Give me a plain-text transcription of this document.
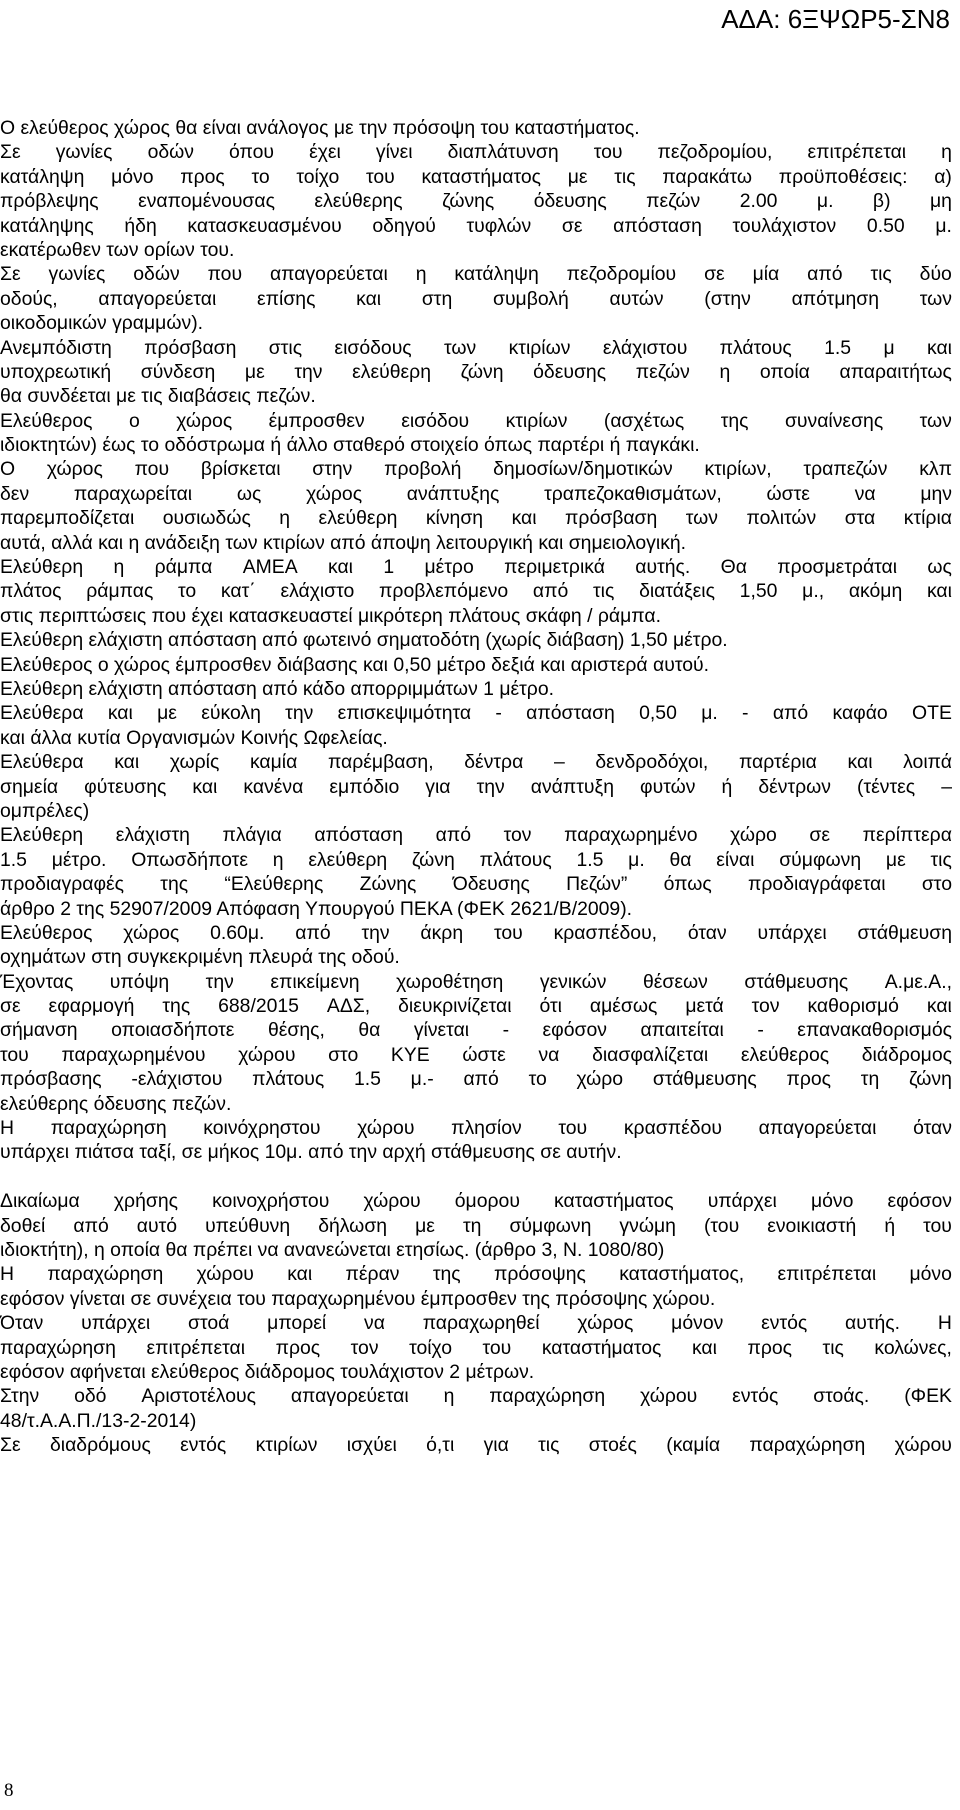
ΑΔΑ: 6ΞΨΩΡ5-ΣΝ8
Ο ελεύθερος χώρος θα είναι ανάλογος με την πρόσοψη του καταστήματος.
Σε γωνίες οδών όπου έχει γίνει διαπλάτυνση του πεζοδρομίου, επιτρέπεται η
κατάληψη μόνο προς το τοίχο του καταστήματος με τις παρακάτω προϋποθέσεις: α)
πρόβλεψης εναπομένουσας ελεύθερης ζώνης όδευσης πεζών 2.00 μ. β) μη
κατάληψης ήδη κατασκευασμένου οδηγού τυφλών σε απόσταση τουλάχιστον 0.50 μ.
εκατέρωθεν των ορίων του.
Σε γωνίες οδών που απαγορεύεται η κατάληψη πεζοδρομίου σε μία από τις δύο
οδούς, απαγορεύεται επίσης και στη συμβολή αυτών (στην απότμηση των
οικοδομικών γραμμών).
Ανεμπόδιστη πρόσβαση στις εισόδους των κτιρίων ελάχιστου πλάτους 1.5 μ και
υποχρεωτική σύνδεση με την ελεύθερη ζώνη όδευσης πεζών η οποία απαραιτήτως
θα συνδέεται με τις διαβάσεις πεζών.
Ελεύθερος ο χώρος έμπροσθεν εισόδου κτιρίων (ασχέτως της συναίνεσης των
ιδιοκτητών) έως το οδόστρωμα ή άλλο σταθερό στοιχείο όπως παρτέρι ή παγκάκι.
Ο χώρος που βρίσκεται στην προβολή δημοσίων/δημοτικών κτιρίων, τραπεζών κλπ
δεν παραχωρείται ως χώρος ανάπτυξης τραπεζοκαθισμάτων, ώστε να μην
παρεμποδίζεται ουσιωδώς η ελεύθερη κίνηση και πρόσβαση των πολιτών στα κτίρια
αυτά, αλλά και η ανάδειξη των κτιρίων από άποψη λειτουργική και σημειολογική.
Ελεύθερη η ράμπα ΑΜΕΑ και 1 μέτρο περιμετρικά αυτής. Θα προσμετράται ως
πλάτος ράμπας το κατ΄ ελάχιστο προβλεπόμενο από τις διατάξεις 1,50 μ., ακόμη και
στις περιπτώσεις που έχει κατασκευαστεί μικρότερη πλάτους σκάφη / ράμπα.
Ελεύθερη ελάχιστη απόσταση από φωτεινό σηματοδότη (χωρίς διάβαση) 1,50 μέτρο.
Ελεύθερος ο χώρος έμπροσθεν διάβασης και 0,50 μέτρο δεξιά και αριστερά αυτού.
Ελεύθερη ελάχιστη απόσταση από κάδο απορριμμάτων 1 μέτρο.
Ελεύθερα και με εύκολη την επισκεψιμότητα - απόσταση 0,50 μ. - από καφάο ΟΤΕ
και άλλα κυτία Οργανισμών Κοινής Ωφελείας.
Ελεύθερα και χωρίς καμία παρέμβαση, δέντρα – δενδροδόχοι, παρτέρια και λοιπά
σημεία φύτευσης και κανένα εμπόδιο για την ανάπτυξη φυτών ή δέντρων (τέντες –
ομπρέλες)
Ελεύθερη ελάχιστη πλάγια απόσταση από τον παραχωρημένο χώρο σε περίπτερα
1.5 μέτρο. Οπωσδήποτε η ελεύθερη ζώνη πλάτους 1.5 μ. θα είναι σύμφωνη με τις
προδιαγραφές της “Ελεύθερης Ζώνης Όδευσης Πεζών” όπως προδιαγράφεται στο
άρθρο 2 της 52907/2009 Απόφαση Υπουργού ΠΕΚΑ (ΦΕΚ 2621/Β/2009).
Ελεύθερος χώρος 0.60μ. από την άκρη του κρασπέδου, όταν υπάρχει στάθμευση
οχημάτων στη συγκεκριμένη πλευρά της οδού.
Έχοντας υπόψη την επικείμενη χωροθέτηση γενικών θέσεων στάθμευσης Α.με.Α.,
σε εφαρμογή της 688/2015 ΑΔΣ, διευκρινίζεται ότι αμέσως μετά τον καθορισμό και
σήμανση οποιασδήποτε θέσης, θα γίνεται - εφόσον απαιτείται - επανακαθορισμός
του παραχωρημένου χώρου στο ΚΥΕ ώστε να διασφαλίζεται ελεύθερος διάδρομος
πρόσβασης -ελάχιστου πλάτους 1.5 μ.- από το χώρο στάθμευσης προς τη ζώνη
ελεύθερης όδευσης πεζών.
Η παραχώρηση κοινόχρηστου χώρου πλησίον του κρασπέδου απαγορεύεται όταν
υπάρχει πιάτσα ταξί, σε μήκος 10μ. από την αρχή στάθμευσης σε αυτήν.
Δικαίωμα χρήσης κοινοχρήστου χώρου όμορου καταστήματος υπάρχει μόνο εφόσον
δοθεί από αυτό υπεύθυνη δήλωση με τη σύμφωνη γνώμη (του ενοικιαστή ή του
ιδιοκτήτη), η οποία θα πρέπει να ανανεώνεται ετησίως. (άρθρο 3, Ν. 1080/80)
Η παραχώρηση χώρου και πέραν της πρόσοψης καταστήματος, επιτρέπεται μόνο
εφόσον γίνεται σε συνέχεια του παραχωρημένου έμπροσθεν της πρόσοψης χώρου.
Όταν υπάρχει στοά μπορεί να παραχωρηθεί χώρος μόνον εντός αυτής. Η
παραχώρηση επιτρέπεται προς τον τοίχο του καταστήματος και προς τις κολώνες,
εφόσον αφήνεται ελεύθερος διάδρομος τουλάχιστον 2 μέτρων.
Στην οδό Αριστοτέλους απαγορεύεται η παραχώρηση χώρου εντός στοάς. (ΦΕΚ
48/τ.Α.Α.Π./13-2-2014)
Σε διαδρόμους εντός κτιρίων ισχύει ό,τι για τις στοές (καμία παραχώρηση χώρου
8
